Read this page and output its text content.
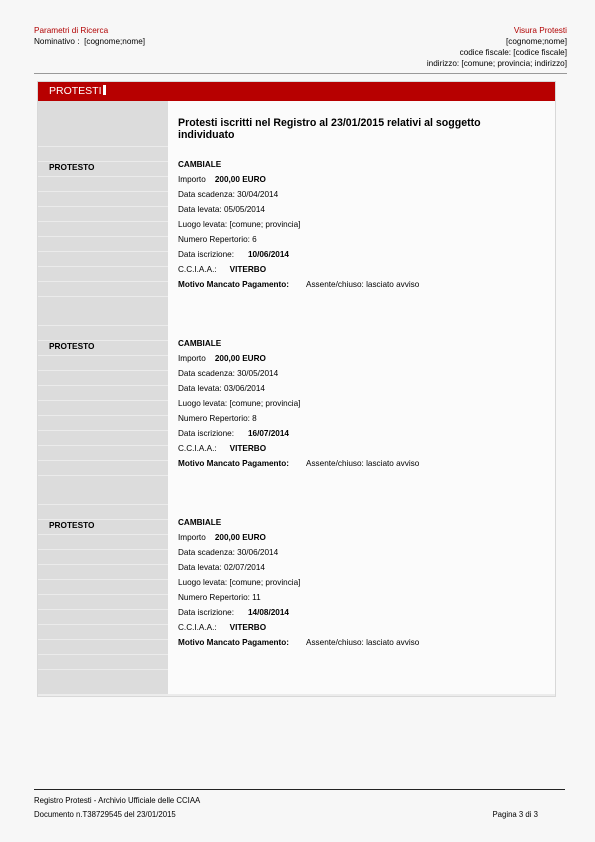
Parametri di Ricerca
Nominativo : [cognome;nome]
Visura Protesti
[cognome;nome]
codice fiscale: [codice fiscale]
indirizzo: [comune; provincia; indirizzo]
PROTESTI
Protesti iscritti nel Registro al 23/01/2015 relativi al soggetto individuato
PROTESTO
PROTESTO
PROTESTO
CAMBIALE
Importo 200,00 EURO
Data scadenza: 30/04/2014
Data levata: 05/05/2014
Luogo levata: [comune; provincia]
Numero Repertorio: 6
Data iscrizione: 10/06/2014
C.C.I.A.A.: VITERBO
Motivo Mancato Pagamento: Assente/chiuso: lasciato avviso
CAMBIALE
Importo 200,00 EURO
Data scadenza: 30/05/2014
Data levata: 03/06/2014
Luogo levata: [comune; provincia]
Numero Repertorio: 8
Data iscrizione: 16/07/2014
C.C.I.A.A.: VITERBO
Motivo Mancato Pagamento: Assente/chiuso: lasciato avviso
CAMBIALE
Importo 200,00 EURO
Data scadenza: 30/06/2014
Data levata: 02/07/2014
Luogo levata: [comune; provincia]
Numero Repertorio: 11
Data iscrizione: 14/08/2014
C.C.I.A.A.: VITERBO
Motivo Mancato Pagamento: Assente/chiuso: lasciato avviso
Registro Protesti - Archivio Ufficiale delle CCIAA
Documento n.T38729545 del 23/01/2015	Pagina 3 di 3
